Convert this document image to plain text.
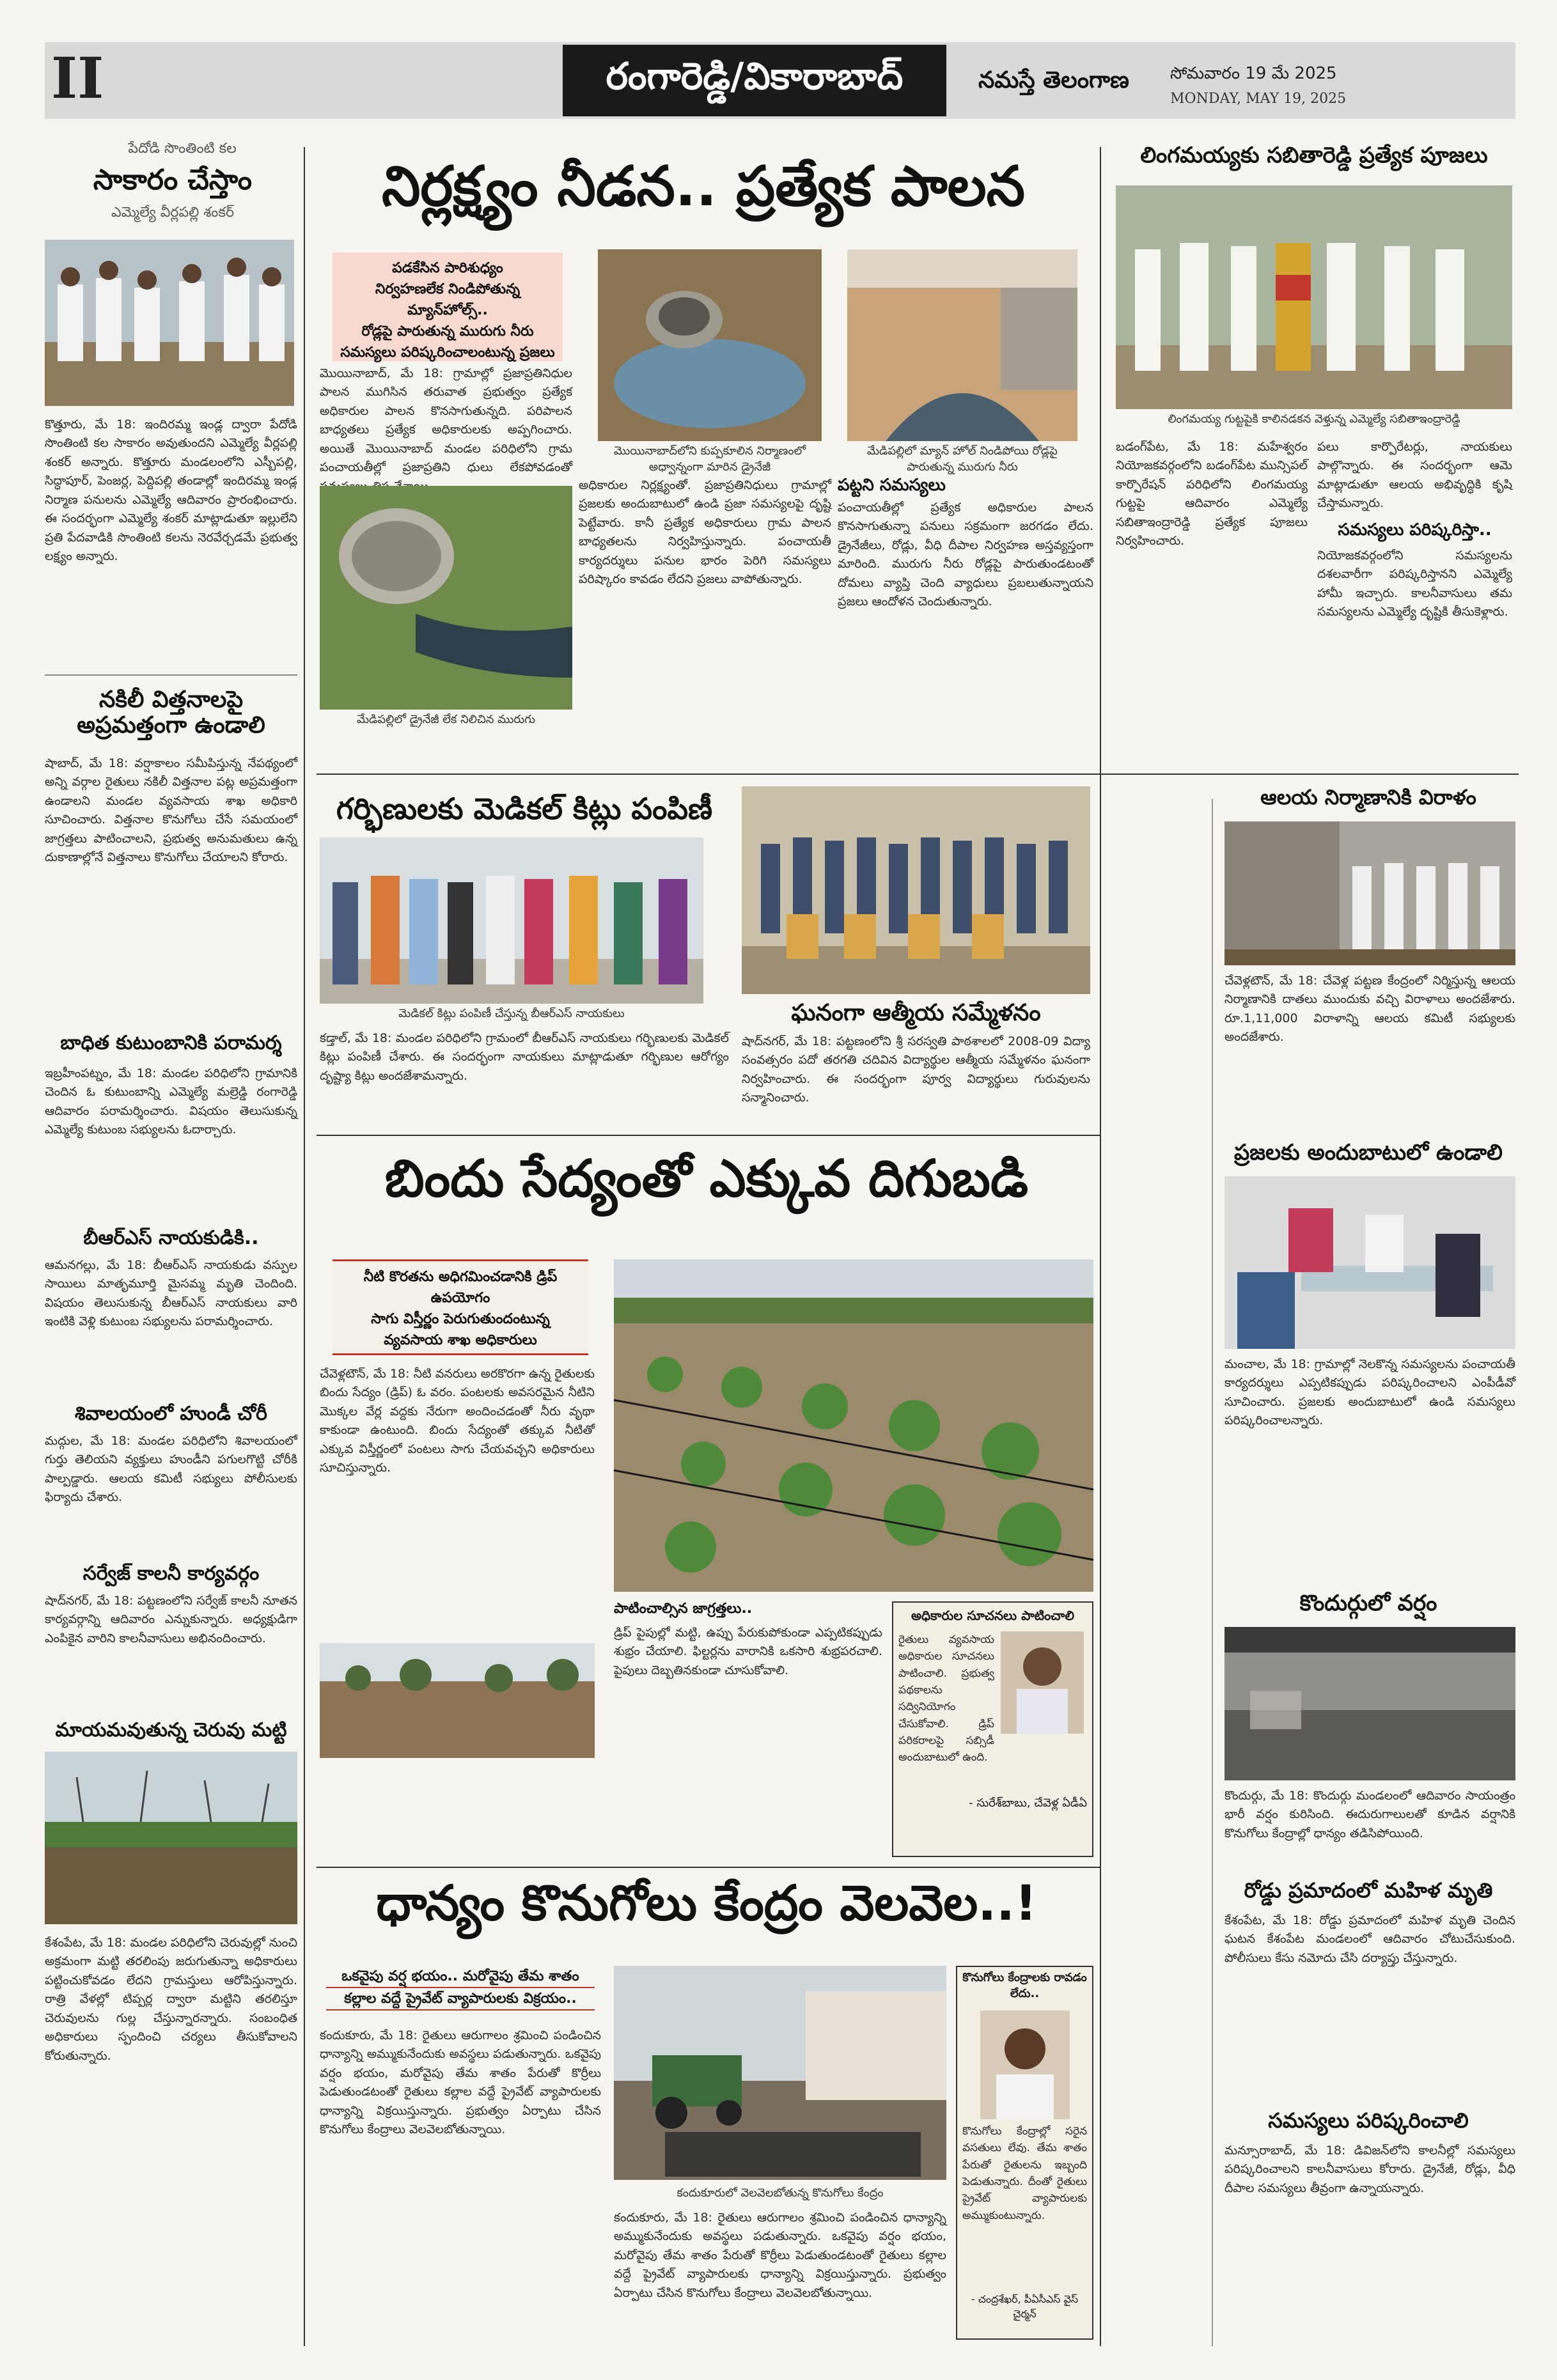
II	రంగారెడ్డి/వికారాబాద్	నమస్తే తెలంగాణ సోమవారం 19 మే 2025
MONDAY, MAY 19, 2025
పేదోడి సొంతింటి కల
సాకారం చేస్తాం
ఎమ్మెల్యే వీర్లపల్లి శంకర్
కొత్తూరు, మే 18: ఇందిరమ్మ ఇండ్ల ద్వారా పేదోడి సొంతింటి కల సాకారం అవుతుందని ఎమ్మెల్యే వీర్లపల్లి శంకర్ అన్నారు. కొత్తూరు మండలంలోని ఎస్బీపల్లి, సిద్ధాపూర్, పెంజర్ల, పెద్దిపల్లి తండాల్లో ఇందిరమ్మ ఇండ్ల నిర్మాణ పనులను ఎమ్మెల్యే ఆదివారం ప్రారంభించారు. ఈ సందర్భంగా ఎమ్మెల్యే శంకర్ మాట్లాడుతూ ఇల్లులేని ప్రతి పేదవాడికి సొంతింటి కలను నెరవేర్చడమే ప్రభుత్వ లక్ష్యం అన్నారు.
నకిలీ విత్తనాలపై అప్రమత్తంగా ఉండాలి
షాబాద్, మే 18: వర్షాకాలం సమీపిస్తున్న నేపథ్యంలో అన్ని వర్గాల రైతులు నకిలీ విత్తనాల పట్ల అప్రమత్తంగా ఉండాలని మండల వ్యవసాయ శాఖ అధికారి సూచించారు. విత్తనాల కొనుగోలు చేసే సమయంలో జాగ్రత్తలు పాటించాలని, ప్రభుత్వ అనుమతులు ఉన్న దుకాణాల్లోనే విత్తనాలు కొనుగోలు చేయాలని కోరారు.
బాధిత కుటుంబానికి పరామర్శ
ఇబ్రహీంపట్నం, మే 18: మండల పరిధిలోని గ్రామానికి చెందిన ఓ కుటుంబాన్ని ఎమ్మెల్యే మల్రెడ్డి రంగారెడ్డి ఆదివారం పరామర్శించారు. విషయం తెలుసుకున్న ఎమ్మెల్యే కుటుంబ సభ్యులను ఓదార్చారు.
బీఆర్ఎస్ నాయకుడికి..
ఆమనగల్లు, మే 18: బీఆర్ఎస్ నాయకుడు వస్పుల సాయిలు మాతృమూర్తి మైసమ్మ మృతి చెందింది. విషయం తెలుసుకున్న బీఆర్ఎస్ నాయకులు వారి ఇంటికి వెళ్లి కుటుంబ సభ్యులను పరామర్శించారు.
శివాలయంలో హుండీ చోరీ
మద్గుల, మే 18: మండల పరిధిలోని శివాలయంలో గుర్తు తెలియని వ్యక్తులు హుండీని పగులగొట్టి చోరీకి పాల్పడ్డారు. ఆలయ కమిటీ సభ్యులు పోలీసులకు ఫిర్యాదు చేశారు.
సర్వేజ్ కాలనీ కార్యవర్గం
షాద్‌నగర్, మే 18: పట్టణంలోని సర్వేజ్ కాలనీ నూతన కార్యవర్గాన్ని ఆదివారం ఎన్నుకున్నారు. అధ్యక్షుడిగా ఎంపికైన వారిని కాలనీవాసులు అభినందించారు.
మాయమవుతున్న చెరువు మట్టి
కేశంపేట, మే 18: మండల పరిధిలోని చెరువుల్లో నుంచి అక్రమంగా మట్టి తరలింపు జరుగుతున్నా అధికారులు పట్టించుకోవడం లేదని గ్రామస్తులు ఆరోపిస్తున్నారు. రాత్రి వేళల్లో టిప్పర్ల ద్వారా మట్టిని తరలిస్తూ చెరువులను గుల్ల చేస్తున్నారన్నారు. సంబంధిత అధికారులు స్పందించి చర్యలు తీసుకోవాలని కోరుతున్నారు.
నిర్లక్ష్యం నీడన.. ప్రత్యేక పాలన
పడకేసిన పారిశుధ్యం
నిర్వహణలేక నిండిపోతున్న మ్యాన్‌హోల్స్..
రోడ్లపై పారుతున్న మురుగు నీరు
సమస్యలు పరిష్కరించాలంటున్న ప్రజలు
మొయినాబాద్‌లోని కుప్పకూలిన నిర్మాణంలో అధ్వాన్నంగా మారిన డ్రైనేజీ
మేడిపల్లిలో మ్యాన్ హోల్ నిండిపోయి రోడ్లపై పారుతున్న మురుగు నీరు
మొయినాబాద్, మే 18: గ్రామాల్లో ప్రజాప్రతినిధుల పాలన ముగిసిన తరువాత ప్రభుత్వం ప్రత్యేక అధికారుల పాలన కొనసాగుతున్నది. పరిపాలన బాధ్యతలు ప్రత్యేక అధికారులకు అప్పగించారు. అయితే మొయినాబాద్ మండల పరిధిలోని గ్రామ పంచాయతీల్లో ప్రజాప్రతిని ధులు లేకపోవడంతో
మేడిపల్లిలో డ్రైనేజీ లేక నిలిచిన మురుగు
అధికారుల నిర్లక్ష్యంతో. ప్రజాప్రతినిధులు గ్రామాల్లో ప్రజలకు అందుబాటులో ఉండి ప్రజా సమస్యలపై దృష్టి పెట్టేవారు. కానీ ప్రత్యేక అధికారులు గ్రామ పాలన బాధ్యతలను నిర్వహిస్తున్నారు. పంచాయతీ కార్యదర్శులు పనుల భారం పెరిగి సమస్యలు పరిష్కారం కావడం లేదని ప్రజలు వాపోతున్నారు.
పట్టని సమస్యలు
పంచాయతీల్లో ప్రత్యేక అధికారుల పాలన కొనసాగుతున్నా పనులు సక్రమంగా జరగడం లేదు. డ్రైనేజీలు, రోడ్లు, వీధి దీపాల నిర్వహణ అస్తవ్యస్తంగా మారింది. మురుగు నీరు రోడ్లపై పారుతుండటంతో దోమలు వ్యాప్తి చెంది వ్యాధులు ప్రబలుతున్నాయని ప్రజలు ఆందోళన చెందుతున్నారు.
గర్భిణులకు మెడికల్ కిట్లు పంపిణీ
మెడికల్ కిట్లు పంపిణీ చేస్తున్న బీఆర్ఎస్ నాయకులు
కడ్తాల్, మే 18: మండల పరిధిలోని గ్రామంలో బీఆర్ఎస్ నాయకులు గర్భిణులకు మెడికల్ కిట్లు పంపిణీ చేశారు. ఈ సందర్భంగా నాయకులు మాట్లాడుతూ గర్భిణుల ఆరోగ్యం దృష్ట్యా కిట్లు అందజేశామన్నారు.
ఘనంగా ఆత్మీయ సమ్మేళనం
షాద్‌నగర్, మే 18: పట్టణంలోని శ్రీ సరస్వతి పాఠశాలలో 2008-09 విద్యా సంవత్సరం పదో తరగతి చదివిన విద్యార్థుల ఆత్మీయ సమ్మేళనం ఘనంగా నిర్వహించారు. ఈ సందర్భంగా పూర్వ విద్యార్థులు గురువులను సన్మానించారు.
బిందు సేద్యంతో ఎక్కువ దిగుబడి
నీటి కొరతను అధిగమించడానికి డ్రిప్ ఉపయోగం
సాగు విస్తీర్ణం పెరుగుతుందంటున్న
వ్యవసాయ శాఖ అధికారులు
చేవెళ్లటౌన్, మే 18: నీటి వనరులు అరకొరగా ఉన్న రైతులకు బిందు సేద్యం (డ్రిప్) ఓ వరం. పంటలకు అవసరమైన నీటిని మొక్కల వేర్ల వద్దకు నేరుగా అందించడంతో నీరు వృథా కాకుండా ఉంటుంది. బిందు సేద్యంతో తక్కువ నీటితో ఎక్కువ విస్తీర్ణంలో పంటలు సాగు చేయవచ్చని అధికారులు సూచిస్తున్నారు.
పాటించాల్సిన జాగ్రత్తలు..
డ్రిప్ పైపుల్లో మట్టి, ఉప్పు పేరుకుపోకుండా ఎప్పటికప్పుడు శుభ్రం చేయాలి. ఫిల్టర్లను వారానికి ఒకసారి శుభ్రపరచాలి. పైపులు దెబ్బతినకుండా చూసుకోవాలి.
అధికారుల సూచనలు పాటించాలి
రైతులు వ్యవసాయ అధికారుల సూచనలు పాటించాలి. ప్రభుత్వ పథకాలను సద్వినియోగం చేసుకోవాలి. డ్రిప్ పరికరాలపై సబ్సిడీ అందుబాటులో ఉంది.
- సురేశ్‌బాబు, చేవెళ్ల ఏడీఏ
ధాన్యం కొనుగోలు కేంద్రం వెలవెల..!
ఒకవైపు వర్ష భయం.. మరోవైపు తేమ శాతం
కల్లాల వద్దే ప్రైవేట్ వ్యాపారులకు విక్రయం..
కందుకూరు, మే 18: రైతులు ఆరుగాలం శ్రమించి పండించిన ధాన్యాన్ని అమ్ముకునేందుకు అవస్థలు పడుతున్నారు. ఒకవైపు వర్షం భయం, మరోవైపు తేమ శాతం పేరుతో కొర్రీలు పెడుతుండటంతో రైతులు కల్లాల వద్దే ప్రైవేట్ వ్యాపారులకు ధాన్యాన్ని విక్రయిస్తున్నారు. ప్రభుత్వం ఏర్పాటు చేసిన కొనుగోలు కేంద్రాలు వెలవెలబోతున్నాయి.
కందుకూరులో వెలవెలబోతున్న కొనుగోలు కేంద్రం
కందుకూరు, మే 18: రైతులు ఆరుగాలం శ్రమించి పండించిన ధాన్యాన్ని అమ్ముకునేందుకు అవస్థలు పడుతున్నారు. ఒకవైపు వర్షం భయం, మరోవైపు తేమ శాతం పేరుతో కొర్రీలు పెడుతుండటంతో రైతులు కల్లాల వద్దే ప్రైవేట్ వ్యాపారులకు ధాన్యాన్ని విక్రయిస్తున్నారు. ప్రభుత్వం ఏర్పాటు చేసిన కొనుగోలు కేంద్రాలు వెలవెలబోతున్నాయి.
కొనుగోలు కేంద్రాలకు రావడం లేదు..
కొనుగోలు కేంద్రాల్లో సరైన వసతులు లేవు. తేమ శాతం పేరుతో రైతులను ఇబ్బంది పెడుతున్నారు. దీంతో రైతులు ప్రైవేట్ వ్యాపారులకు అమ్ముకుంటున్నారు.
- చంద్రశేఖర్, పీఏసీఎస్ వైస్ చైర్మన్
లింగమయ్యకు సబితారెడ్డి ప్రత్యేక పూజలు
లింగమయ్య గుట్టపైకి కాలినడకన వెళ్తున్న ఎమ్మెల్యే సబితాఇంద్రారెడ్డి
బడంగ్‌పేట, మే 18: మహేశ్వరం నియోజకవర్గంలోని బడంగ్‌పేట మున్సిపల్ కార్పొరేషన్ పరిధిలోని లింగమయ్య గుట్టపై ఆదివారం ఎమ్మెల్యే సబితాఇంద్రారెడ్డి ప్రత్యేక పూజలు నిర్వహించారు.
పలు కార్పొరేటర్లు, నాయకులు పాల్గొన్నారు. ఈ సందర్భంగా ఆమె మాట్లాడుతూ ఆలయ అభివృద్ధికి కృషి చేస్తామన్నారు.
సమస్యలు పరిష్కరిస్తా..
నియోజకవర్గంలోని సమస్యలను దశలవారీగా పరిష్కరిస్తానని ఎమ్మెల్యే హామీ ఇచ్చారు. కాలనీవాసులు తమ సమస్యలను ఎమ్మెల్యే దృష్టికి తీసుకెళ్లారు.
ఆలయ నిర్మాణానికి విరాళం
చేవెళ్లటౌన్, మే 18: చేవెళ్ల పట్టణ కేంద్రంలో నిర్మిస్తున్న ఆలయ నిర్మాణానికి దాతలు ముందుకు వచ్చి విరాళాలు అందజేశారు. రూ.1,11,000 విరాళాన్ని ఆలయ కమిటీ సభ్యులకు అందజేశారు.
ప్రజలకు అందుబాటులో ఉండాలి
మంచాల, మే 18: గ్రామాల్లో నెలకొన్న సమస్యలను పంచాయతీ కార్యదర్శులు ఎప్పటికప్పుడు పరిష్కరించాలని ఎంపీడీవో సూచించారు. ప్రజలకు అందుబాటులో ఉండి సమస్యలు పరిష్కరించాలన్నారు.
కొందుర్గులో వర్షం
కొందుర్గు, మే 18: కొందుర్గు మండలంలో ఆదివారం సాయంత్రం భారీ వర్షం కురిసింది. ఈదురుగాలులతో కూడిన వర్షానికి కొనుగోలు కేంద్రాల్లో ధాన్యం తడిసిపోయింది.
రోడ్డు ప్రమాదంలో మహిళ మృతి
కేశంపేట, మే 18: రోడ్డు ప్రమాదంలో మహిళ మృతి చెందిన ఘటన కేశంపేట మండలంలో ఆదివారం చోటుచేసుకుంది. పోలీసులు కేసు నమోదు చేసి దర్యాప్తు చేస్తున్నారు.
సమస్యలు పరిష్కరించాలి
మన్సూరాబాద్, మే 18: డివిజన్‌లోని కాలనీల్లో సమస్యలు పరిష్కరించాలని కాలనీవాసులు కోరారు. డ్రైనేజీ, రోడ్లు, వీధి దీపాల సమస్యలు తీవ్రంగా ఉన్నాయన్నారు.
